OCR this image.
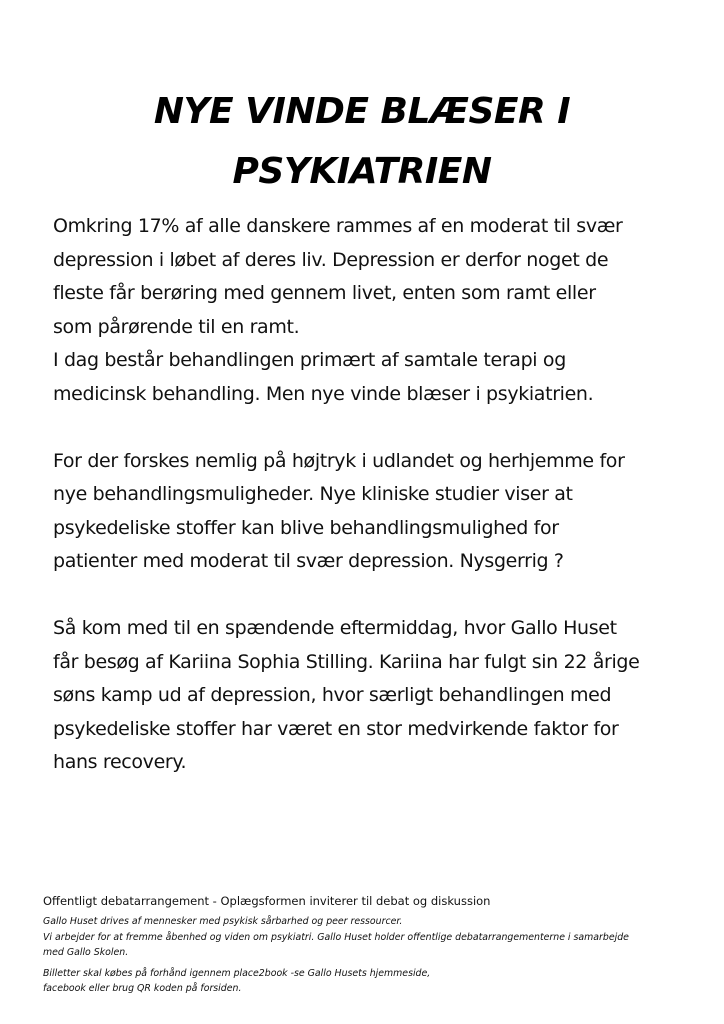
NYE VINDE BLÆSER I
PSYKIATRIEN

Omkring 17% af alle danskere rammes af en moderat til svær
depression i løbet af deres liv. Depression er derfor noget de
fleste får berøring med gennem livet, enten som ramt eller
som pårørende til en ramt.
I dag består behandlingen primært af samtale terapi og
medicinsk behandling. Men nye vinde blæser i psykiatrien.

For der forskes nemlig på højtryk i udlandet og herhjemme for
nye behandlingsmuligheder. Nye kliniske studier viser at
psykedeliske stoffer kan blive behandlingsmulighed for
patienter med moderat til svær depression. Nysgerrig ?

Så kom med til en spændende eftermiddag, hvor Gallo Huset
får besøg af Kariina Sophia Stilling. Kariina har fulgt sin 22 årige
søns kamp ud af depression, hvor særligt behandlingen med
psykedeliske stoffer har været en stor medvirkende faktor for
hans recovery.

Offentligt debatarrangement - Oplægsformen inviterer til debat og diskussion

Gallo Huset drives af mennesker med psykisk sårbarhed og peer ressourcer.
Vi arbejder for at fremme åbenhed og viden om psykiatri. Gallo Huset holder offentlige debatarrangementerne i samarbejde
med Gallo Skolen.

Billetter skal købes på forhånd igennem place2book -se Gallo Husets hjemmeside,
facebook eller brug QR koden på forsiden.
